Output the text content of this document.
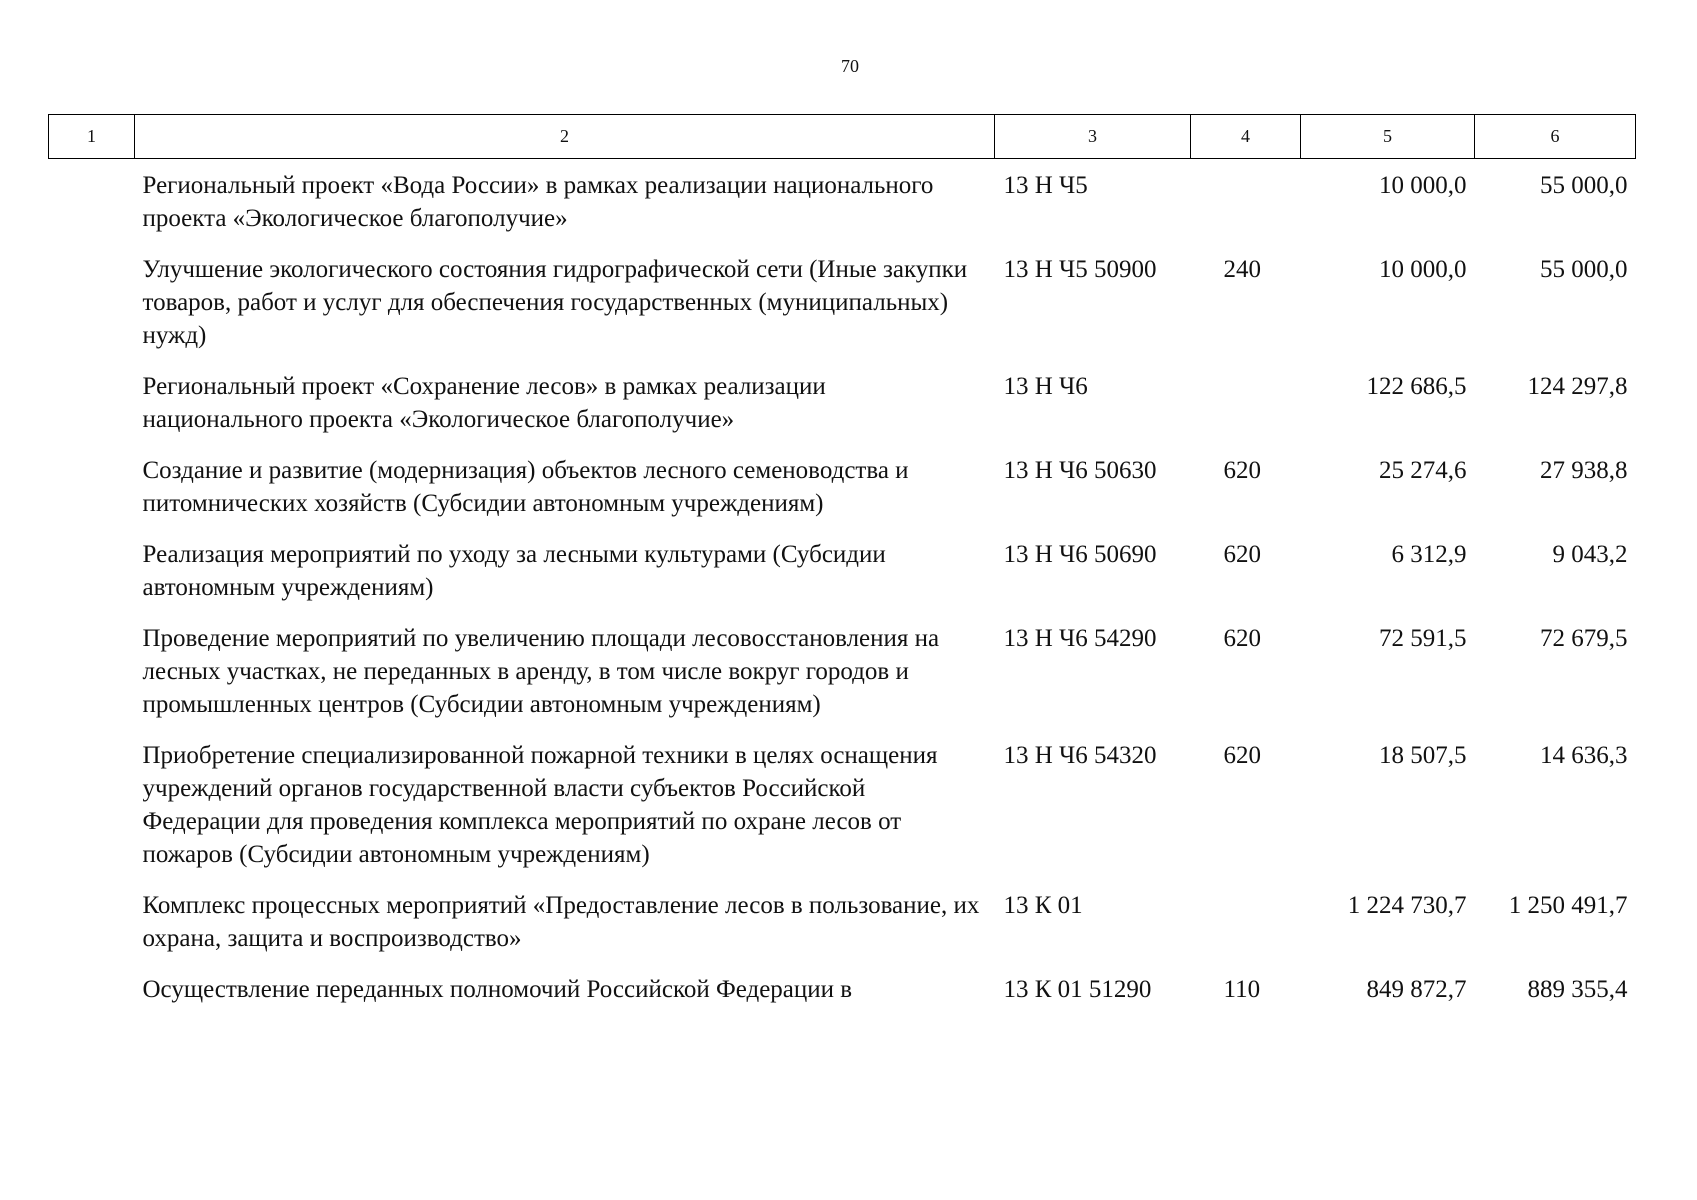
70
1	2	3	4	5	6
	Региональный проект «Вода России» в рамках реализации национального проекта «Экологическое благополучие»	13 Н Ч5		10 000,0	55 000,0
	Улучшение экологического состояния гидрографической сети (Иные закупки товаров, работ и услуг для обеспечения государственных (муниципальных) нужд)	13 Н Ч5 50900	240	10 000,0	55 000,0
	Региональный проект «Сохранение лесов» в рамках реализации национального проекта «Экологическое благополучие»	13 Н Ч6		122 686,5	124 297,8
	Создание и развитие (модернизация) объектов лесного семеноводства и питомнических хозяйств (Субсидии автономным учреждениям)	13 Н Ч6 50630	620	25 274,6	27 938,8
	Реализация мероприятий по уходу за лесными культурами (Субсидии автономным учреждениям)	13 Н Ч6 50690	620	6 312,9	9 043,2
	Проведение мероприятий по увеличению площади лесовосстановления на лесных участках, не переданных в аренду, в том числе вокруг городов и промышленных центров (Субсидии автономным учреждениям)	13 Н Ч6 54290	620	72 591,5	72 679,5
	Приобретение специализированной пожарной техники в целях оснащения учреждений органов государственной власти субъектов Российской Федерации для проведения комплекса мероприятий по охране лесов от пожаров (Субсидии автономным учреждениям)	13 Н Ч6 54320	620	18 507,5	14 636,3
	Комплекс процессных мероприятий «Предоставление лесов в пользование, их охрана, защита и воспроизводство»	13 К 01		1 224 730,7	1 250 491,7
	Осуществление переданных полномочий Российской Федерации в	13 К 01 51290	110	849 872,7	889 355,4
